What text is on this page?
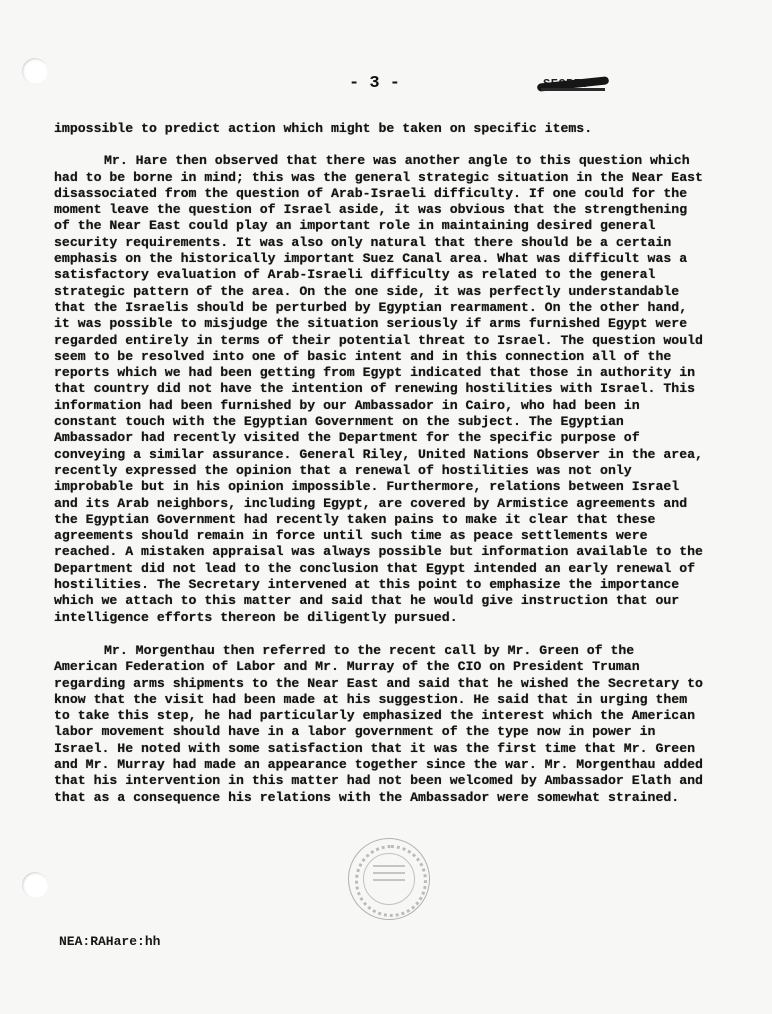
- 3 -

impossible to predict action which might be taken on specific items.

Mr. Hare then observed that there was another angle to this question which had to be borne in mind; this was the general strategic situation in the Near East disassociated from the question of Arab-Israeli difficulty. If one could for the moment leave the question of Israel aside, it was obvious that the strengthening of the Near East could play an important role in maintaining desired general security requirements. It was also only natural that there should be a certain emphasis on the historically important Suez Canal area. What was difficult was a satisfactory evaluation of Arab-Israeli difficulty as related to the general strategic pattern of the area. On the one side, it was perfectly understandable that the Israelis should be perturbed by Egyptian rearmament. On the other hand, it was possible to misjudge the situation seriously if arms furnished Egypt were regarded entirely in terms of their potential threat to Israel. The question would seem to be resolved into one of basic intent and in this connection all of the reports which we had been getting from Egypt indicated that those in authority in that country did not have the intention of renewing hostilities with Israel. This information had been furnished by our Ambassador in Cairo, who had been in constant touch with the Egyptian Government on the subject. The Egyptian Ambassador had recently visited the Department for the specific purpose of conveying a similar assurance. General Riley, United Nations Observer in the area, recently expressed the opinion that a renewal of hostilities was not only improbable but in his opinion impossible. Furthermore, relations between Israel and its Arab neighbors, including Egypt, are covered by Armistice agreements and the Egyptian Government had recently taken pains to make it clear that these agreements should remain in force until such time as peace settlements were reached. A mistaken appraisal was always possible but information available to the Department did not lead to the conclusion that Egypt intended an early renewal of hostilities. The Secretary intervened at this point to emphasize the importance which we attach to this matter and said that he would give instruction that our intelligence efforts thereon be diligently pursued.

Mr. Morgenthau then referred to the recent call by Mr. Green of the American Federation of Labor and Mr. Murray of the CIO on President Truman regarding arms shipments to the Near East and said that he wished the Secretary to know that the visit had been made at his suggestion. He said that in urging them to take this step, he had particularly emphasized the interest which the American labor movement should have in a labor government of the type now in power in Israel. He noted with some satisfaction that it was the first time that Mr. Green and Mr. Murray had made an appearance together since the war. Mr. Morgenthau added that his intervention in this matter had not been welcomed by Ambassador Elath and that as a consequence his relations with the Ambassador were somewhat strained.

NEA:RAHare:hh
